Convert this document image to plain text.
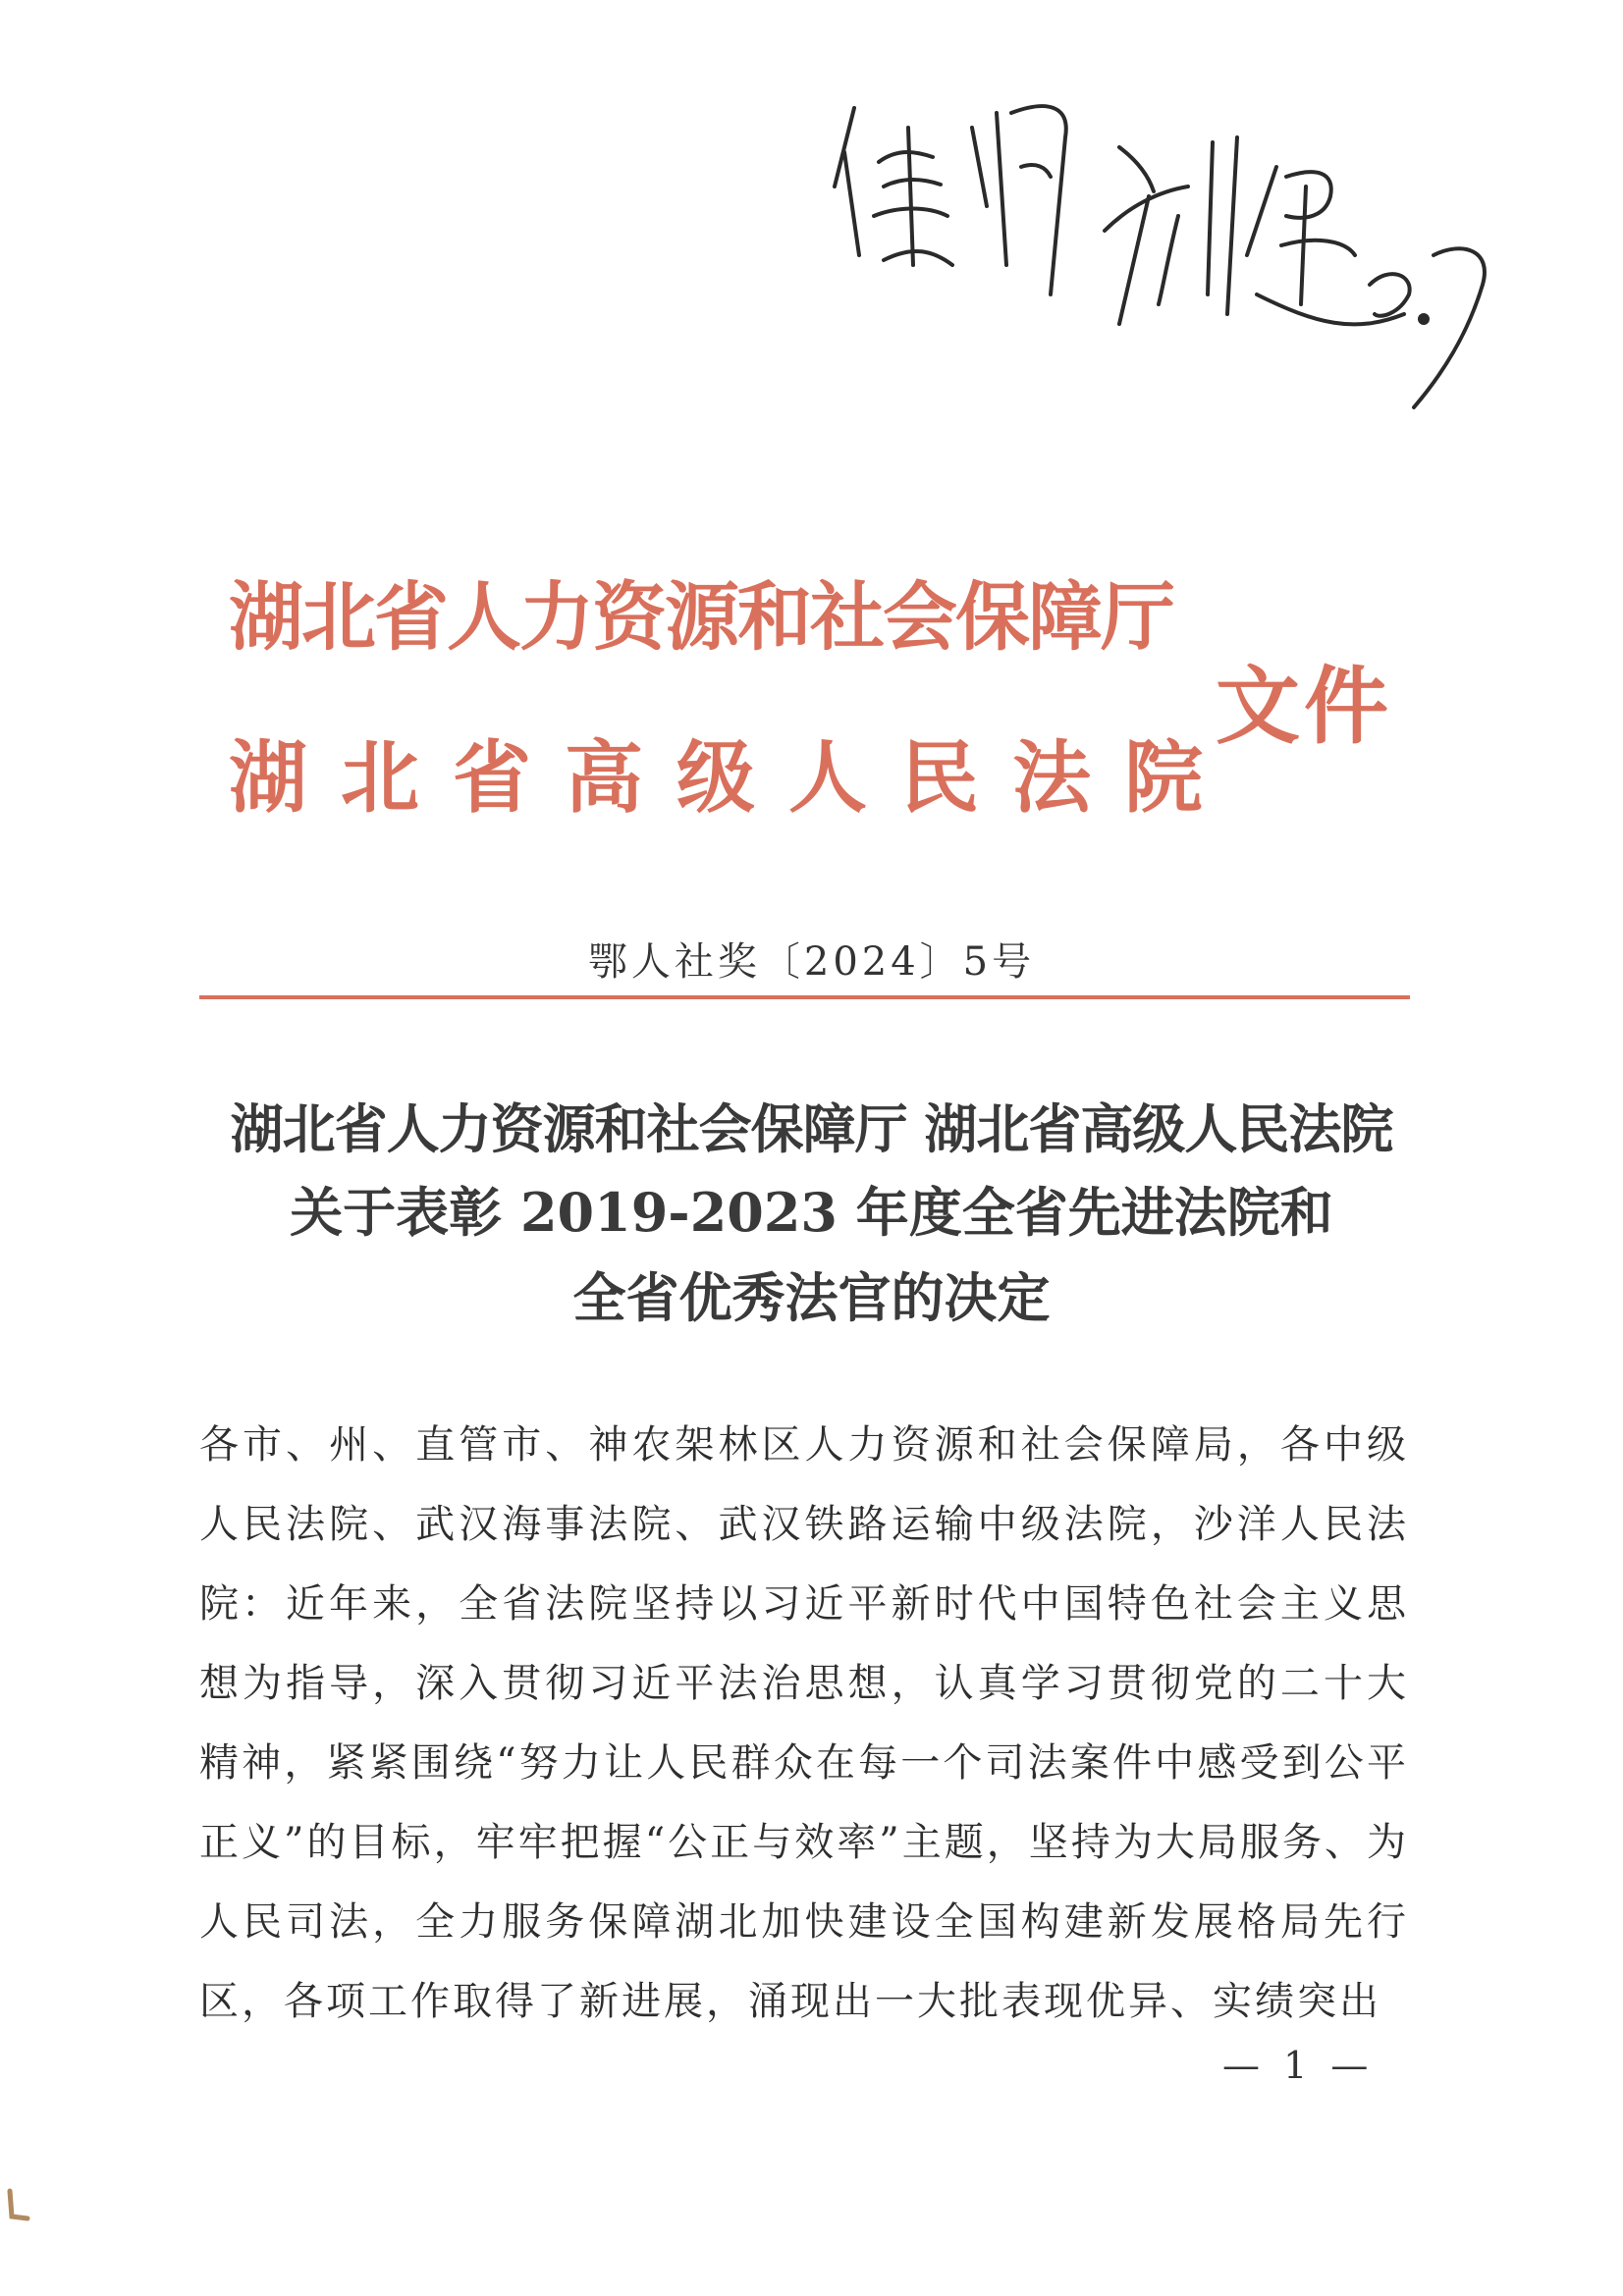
湖北省人力资源和社会保障厅
湖北省高级人民法院
文件
鄂人社奖〔2024〕5号
湖北省人力资源和社会保障厅 湖北省高级人民法院
关于表彰 2019-2023 年度全省先进法院和
全省优秀法官的决定
各市、州、直管市、神农架林区人力资源和社会保障局，各中级人民法院、武汉海事法院、武汉铁路运输中级法院，沙洋人民法院： 近年来，全省法院坚持以习近平新时代中国特色社会主义思想为指导，深入贯彻习近平法治思想，认真学习贯彻党的二十大精神，紧紧围绕“努力让人民群众在每一个司法案件中感受到公平正义”的目标，牢牢把握“公正与效率”主题，坚持为大局服务、为人民司法，全力服务保障湖北加快建设全国构建新发展格局先行区，各项工作取得了新进展，涌现出一大批表现优异、实绩突出
— 1 —
